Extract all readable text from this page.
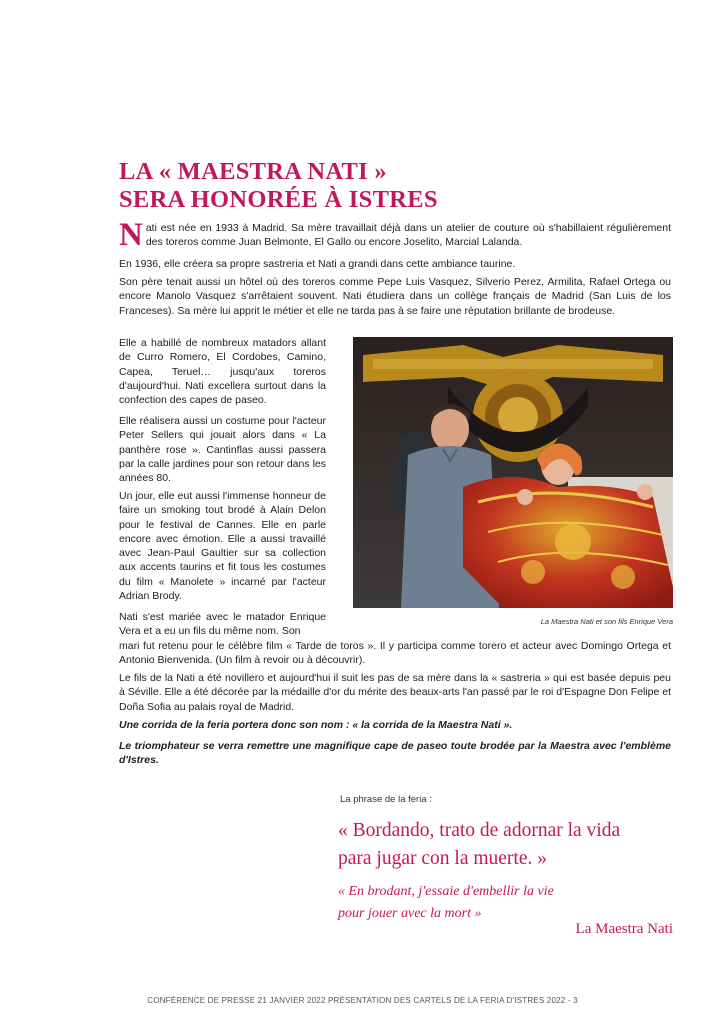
LA « MAESTRA NATI »
SERA HONORÉE À ISTRES

Nati est née en 1933 à Madrid. Sa mère travaillait déjà dans un atelier de couture où s'habillaient régulièrement des toreros comme Juan Belmonte, El Gallo ou encore Joselito, Marcial Lalanda.

En 1936, elle créera sa propre sastreria et Nati a grandi dans cette ambiance taurine.

Son père tenait aussi un hôtel où des toreros comme Pepe Luis Vasquez, Silverio Perez, Armilita, Rafael Ortega ou encore Manolo Vasquez s'arrêtaient souvent. Nati étudiera dans un collège français de Madrid (San Luis de los Franceses). Sa mère lui apprit le métier et elle ne tarda pas à se faire une réputation brillante de brodeuse.

Elle a habillé de nombreux matadors allant de Curro Romero, El Cordobes, Camino, Capea, Teruel… jusqu'aux toreros d'aujourd'hui. Nati excellera surtout dans la confection des capes de paseo.

Elle réalisera aussi un costume pour l'acteur Peter Sellers qui jouait alors dans « La panthère rose ». Cantinflas aussi passera par la calle jardines pour son retour dans les années 80.

Un jour, elle eut aussi l'immense honneur de faire un smoking tout brodé à Alain Delon pour le festival de Cannes. Elle en parle encore avec émotion. Elle a aussi travaillé avec Jean-Paul Gaultier sur sa collection aux accents taurins et fit tous les costumes du film « Manolete » incarné par l'acteur Adrian Brody.

Nati s'est mariée avec le matador Enrique Vera et a eu un fils du même nom. Son

mari fut retenu pour le célèbre film « Tarde de toros ». Il y participa comme torero et acteur avec Domingo Ortega et Antonio Bienvenida. (Un film à revoir ou à découvrir).

Le fils de la Nati a été novillero et aujourd'hui il suit les pas de sa mère dans la « sastreria » qui est basée depuis peu à Séville. Elle a été décorée par la médaille d'or du mérite des beaux-arts l'an passé par le roi d'Espagne Don Felipe et Doña Sofia au palais royal de Madrid.

Une corrida de la feria portera donc son nom : « la corrida de la Maestra Nati ».

Le triomphateur se verra remettre une magnifique cape de paseo toute brodée par la Maestra avec l'emblème d'Istres.

La Maestra Nati et son fils Enrique Vera

La phrase de la feria :

« Bordando, trato de adornar la vida
para jugar con la muerte. »

« En brodant, j'essaie d'embellir la vie
pour jouer avec la mort »

La Maestra Nati

CONFÉRENCE DE PRESSE 21 JANVIER 2022 PRÉSENTATION DES CARTELS DE LA FERIA D'ISTRES 2022 - 3
